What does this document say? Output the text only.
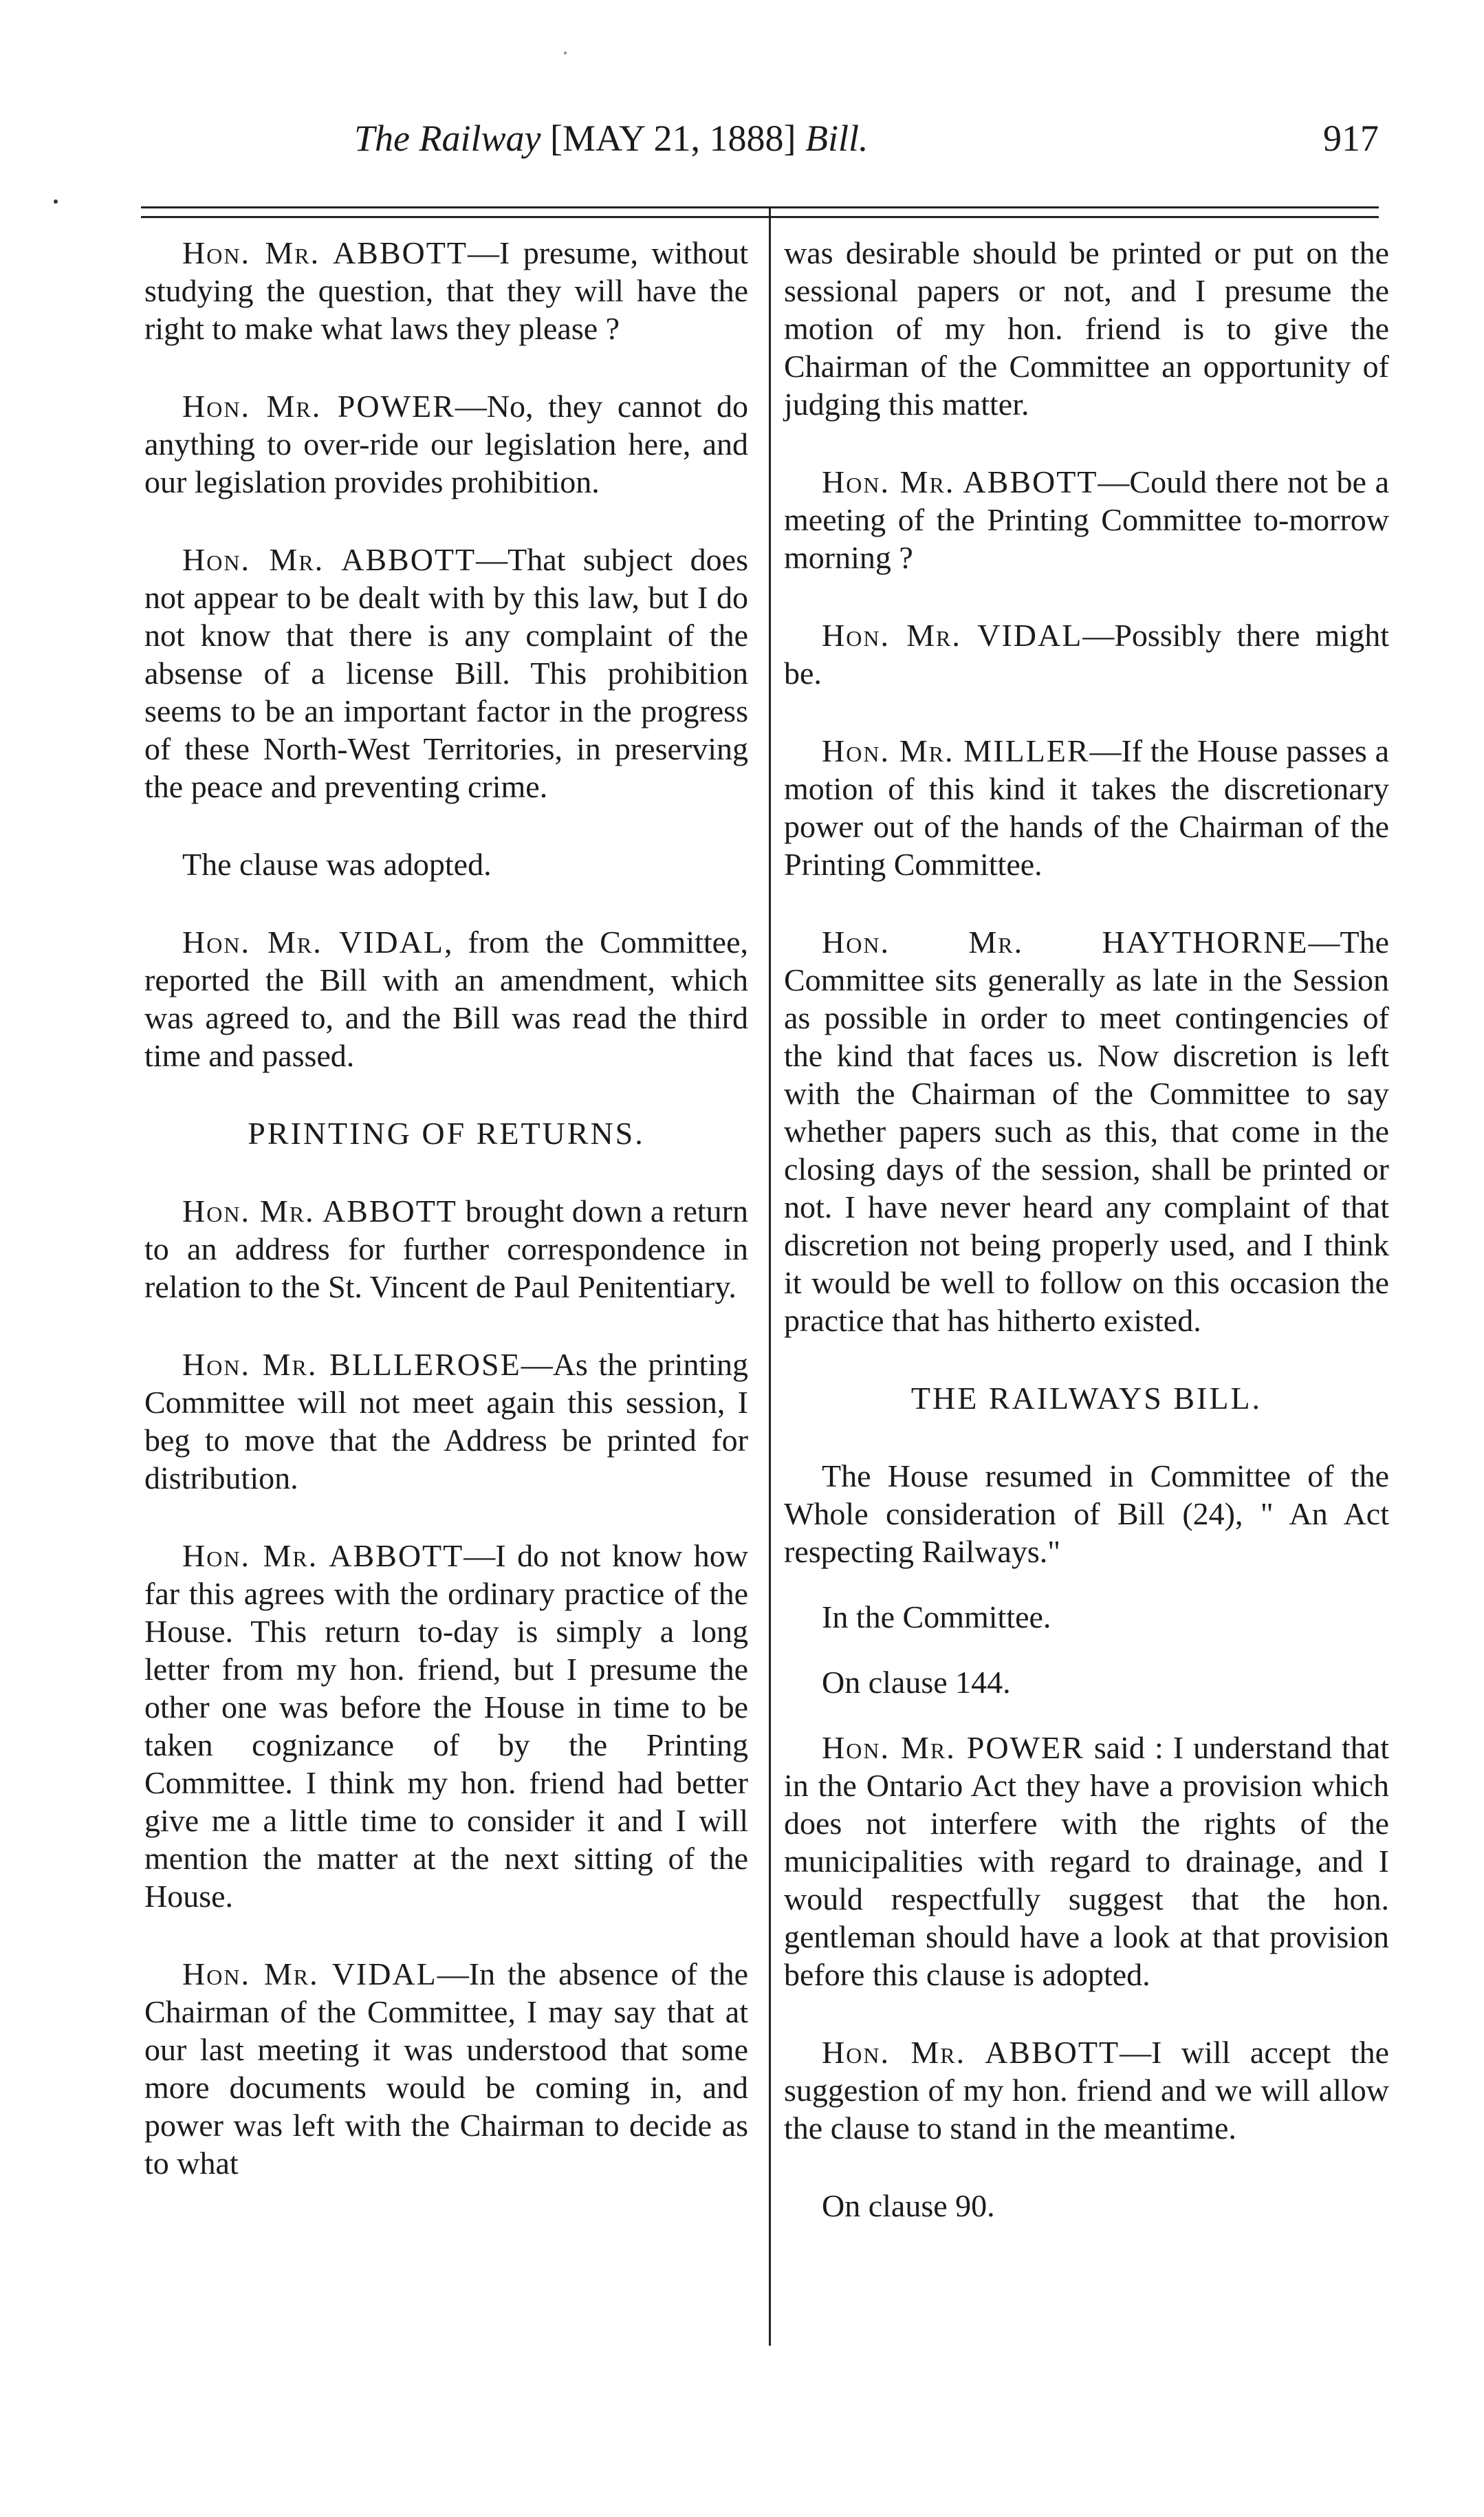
The Railway [MAY 21, 1888] Bill.	917

Hon. Mr. ABBOTT—I presume, without studying the question, that they will have the right to make what laws they please ?

Hon. Mr. POWER—No, they cannot do anything to over-ride our legislation here, and our legislation provides prohibition.

Hon. Mr. ABBOTT—That subject does not appear to be dealt with by this law, but I do not know that there is any complaint of the absense of a license Bill. This prohibition seems to be an important factor in the progress of these North-West Territories, in preserving the peace and preventing crime.

The clause was adopted.

Hon. Mr. VIDAL, from the Committee, reported the Bill with an amendment, which was agreed to, and the Bill was read the third time and passed.

PRINTING OF RETURNS.

Hon. Mr. ABBOTT brought down a return to an address for further correspondence in relation to the St. Vincent de Paul Penitentiary.

Hon. Mr. BLLLEROSE—As the printing Committee will not meet again this session, I beg to move that the Address be printed for distribution.

Hon. Mr. ABBOTT—I do not know how far this agrees with the ordinary practice of the House. This return to-day is simply a long letter from my hon. friend, but I presume the other one was before the House in time to be taken cognizance of by the Printing Committee. I think my hon. friend had better give me a little time to consider it and I will mention the matter at the next sitting of the House.

Hon. Mr. VIDAL—In the absence of the Chairman of the Committee, I may say that at our last meeting it was understood that some more documents would be coming in, and power was left with the Chairman to decide as to what

was desirable should be printed or put on the sessional papers or not, and I presume the motion of my hon. friend is to give the Chairman of the Committee an opportunity of judging this matter.

Hon. Mr. ABBOTT—Could there not be a meeting of the Printing Committee to-morrow morning ?

Hon. Mr. VIDAL—Possibly there might be.

Hon. Mr. MILLER—If the House passes a motion of this kind it takes the discretionary power out of the hands of the Chairman of the Printing Committee.

Hon. Mr. HAYTHORNE—The Committee sits generally as late in the Session as possible in order to meet contingencies of the kind that faces us. Now discretion is left with the Chairman of the Committee to say whether papers such as this, that come in the closing days of the session, shall be printed or not. I have never heard any complaint of that discretion not being properly used, and I think it would be well to follow on this occasion the practice that has hitherto existed.

THE RAILWAYS BILL.

The House resumed in Committee of the Whole consideration of Bill (24), " An Act respecting Railways."

In the Committee.

On clause 144.

Hon. Mr. POWER said : I understand that in the Ontario Act they have a provision which does not interfere with the rights of the municipalities with regard to drainage, and I would respectfully suggest that the hon. gentleman should have a look at that provision before this clause is adopted.

Hon. Mr. ABBOTT—I will accept the suggestion of my hon. friend and we will allow the clause to stand in the meantime.

On clause 90.
